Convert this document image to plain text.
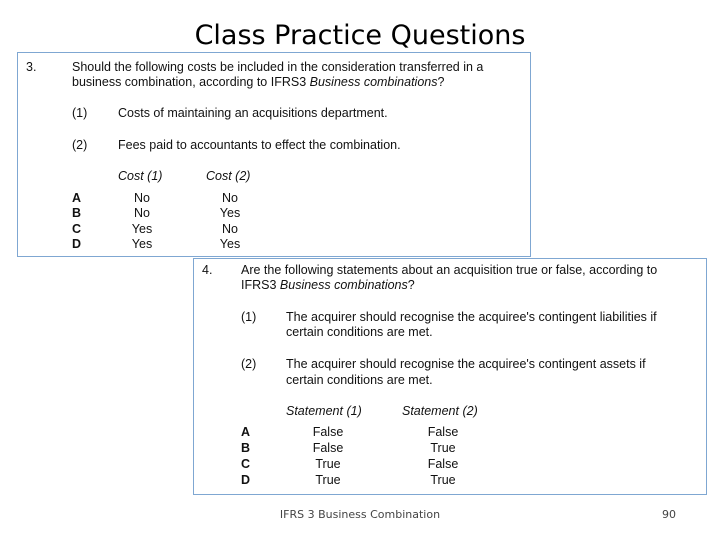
Class Practice Questions
3.	Should the following costs be included in the consideration transferred in a
business combination, according to IFRS3 Business combinations?
(1) Costs of maintaining an acquisitions department.
(2) Fees paid to accountants to effect the combination.
Cost (1)	Cost (2)
A	No	No
B	No	Yes
C	Yes	No
D	Yes	Yes
4. Are the following statements about an acquisition true or false, according to
IFRS3 Business combinations?
(1) The acquirer should recognise the acquiree's contingent liabilities if
certain conditions are met.
(2) The acquirer should recognise the acquiree's contingent assets if
certain conditions are met.
Statement (1)	Statement (2)
A	False	False
B	False	True
C	True	False
D	True	True
IFRS 3 Business Combination	90
